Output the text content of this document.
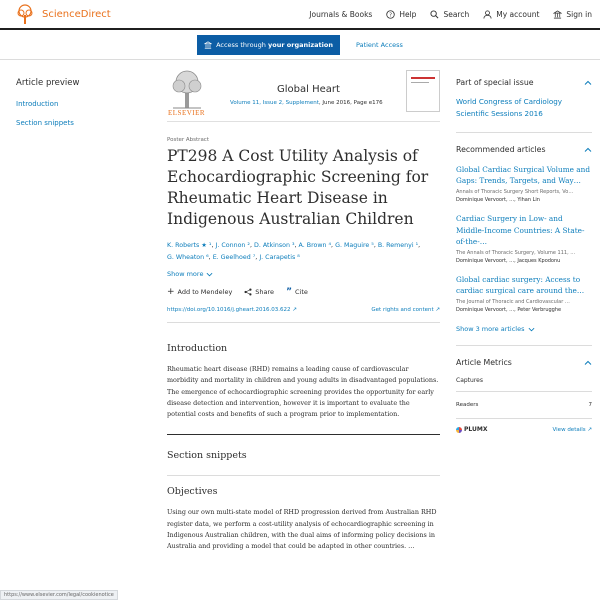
ScienceDirect	Journals & Books	? Help	Search	My account	Sign in
Access through your organization	Patient Access
Article preview
Introduction
Section snippets
ELSEVIER
Global Heart
Volume 11, Issue 2, Supplement, June 2016, Page e176
Poster Abstract
PT298 A Cost Utility Analysis of Echocardiographic Screening for Rheumatic Heart Disease in Indigenous Australian Children
K. Roberts ★ ¹, J. Connon ², D. Atkinson ³, A. Brown ⁴, G. Maguire ⁵, B. Remenyi ¹,
G. Wheaton ⁶, E. Geelhoed ⁷, J. Carapetis ⁸
Show more
+ Add to Mendeley	Share ” Cite
https://doi.org/10.1016/j.gheart.2016.03.622 ↗	Get rights and content ↗
Introduction

Rheumatic heart disease (RHD) remains a leading cause of cardiovascular morbidity and mortality in children and young adults in disadvantaged populations. The emergence of echocardiographic screening provides the opportunity for early disease detection and intervention, however it is important to evaluate the potential costs and benefits of such a program prior to implementation.

Section snippets
Objectives

Using our own multi-state model of RHD progression derived from Australian RHD register data, we perform a cost-utility analysis of echocardiographic screening in Indigenous Australian children, with the dual aims of informing policy decisions in Australia and providing a model that could be adapted in other countries. …

Part of special issue
World Congress of Cardiology Scientific Sessions 2016
Recommended articles
Global Cardiac Surgical Volume and Gaps: Trends, Targets, and Way…
Annals of Thoracic Surgery Short Reports, Vo…
Dominique Vervoort, …, Yihan Lin
Cardiac Surgery in Low- and Middle-Income Countries: A State-of-the-…
The Annals of Thoracic Surgery, Volume 111, …
Dominique Vervoort, …, Jacques Kpodonu
Global cardiac surgery: Access to cardiac surgical care around the…
The Journal of Thoracic and Cardiovascular …
Dominique Vervoort, …, Peter Verbrugghe
Show 3 more articles
Article Metrics
Captures
Readers	7
PLUMX	View details ↗
https://www.elsevier.com/legal/cookienotice
